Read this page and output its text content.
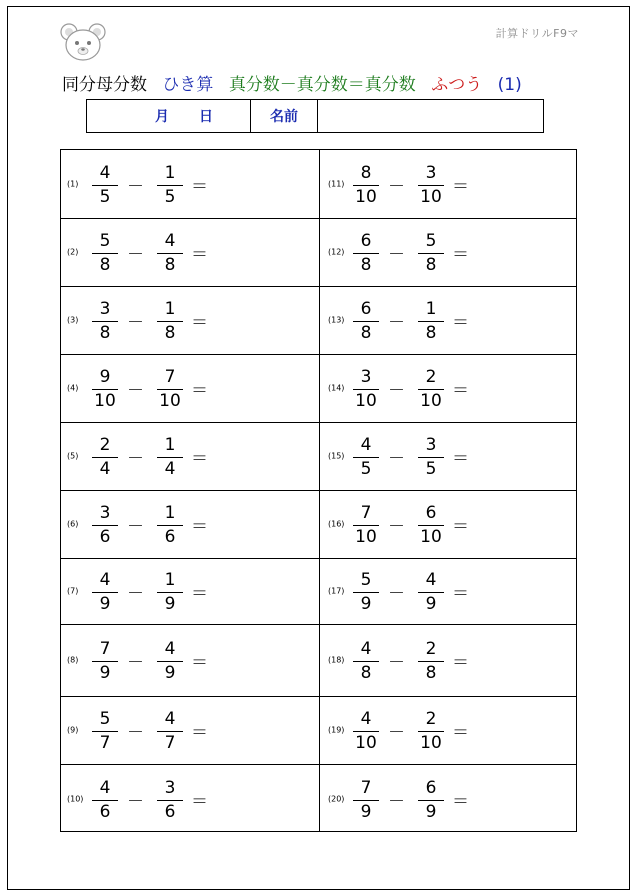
計算ドリルF9マ
同分母分数 ひき算 真分数－真分数＝真分数 ふつう (1)
月 日	名前
(1)
4
5 －
1
5 ＝
(2)
5
8 －
4
8 ＝
(3)
3
8 －
1
8 ＝
(4)
9
10 －
7
10 ＝
(5)
2
4 －
1
4 ＝
(6)
3
6 －
1
6 ＝
(7)
4
9 －
1
9 ＝
(8)
7
9 －
4
9 ＝
(9)
5
7 －
4
7 ＝
(10)
4
6 －
3
6 ＝
(11)
8
10 －
3
10 ＝
(12)
6
8 －
5
8 ＝
(13)
6
8 －
1
8 ＝
(14)
3
10 －
2
10 ＝
(15)
4
5 －
3
5 ＝
(16)
7
10 －
6
10 ＝
(17)
5
9 －
4
9 ＝
(18)
4
8 －
2
8 ＝
(19)
4
10 －
2
10 ＝
(20)
7
9 －
6
9 ＝
